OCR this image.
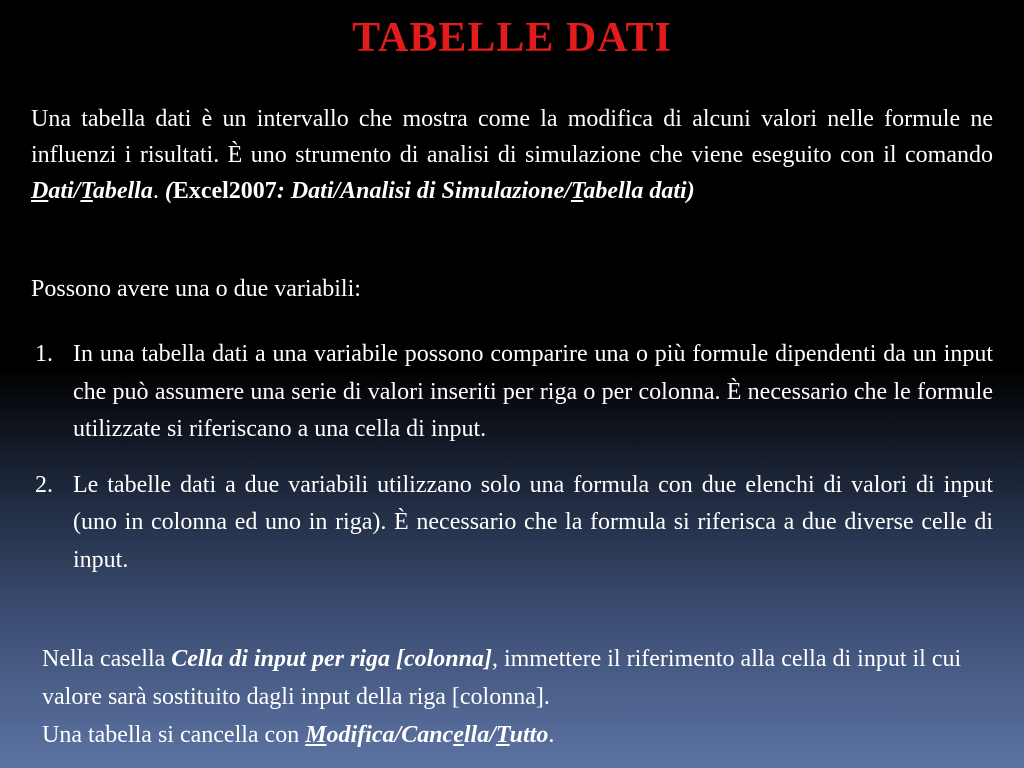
TABELLE DATI
Una tabella dati è un intervallo che mostra come la modifica di alcuni valori nelle formule ne influenzi i risultati. È uno strumento di analisi di simulazione che viene eseguito con il comando Dati/Tabella. (Excel2007: Dati/Analisi di Simulazione/Tabella dati)
Possono avere una o due variabili:
1. In una tabella dati a una variabile possono comparire una o più formule dipendenti da un input che può assumere una serie di valori inseriti per riga o per colonna. È necessario che le formule utilizzate si riferiscano a una cella di input.
2. Le tabelle dati a due variabili utilizzano solo una formula con due elenchi di valori di input (uno in colonna ed uno in riga). È necessario che la formula si riferisca a due diverse celle di input.
Nella casella Cella di input per riga [colonna], immettere il riferimento alla cella di input il cui valore sarà sostituito dagli input della riga [colonna].
Una tabella si cancella con Modifica/Cancella/Tutto.
